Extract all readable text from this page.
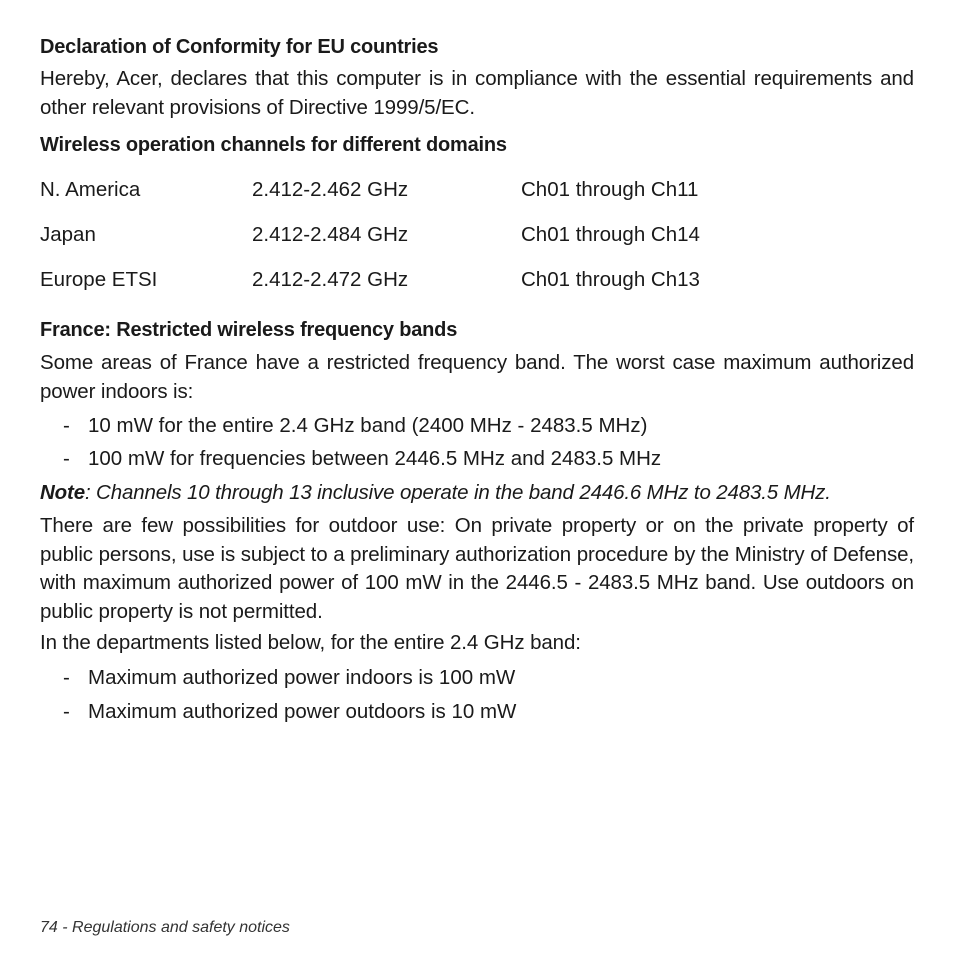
Declaration of Conformity for EU countries
Hereby, Acer, declares that this computer is in compliance with the essential requirements and other relevant provisions of Directive 1999/5/EC.
Wireless operation channels for different domains
N. America	2.412-2.462 GHz	Ch01 through Ch11
Japan	2.412-2.484 GHz	Ch01 through Ch14
Europe ETSI	2.412-2.472 GHz	Ch01 through Ch13
France: Restricted wireless frequency bands
Some areas of France have a restricted frequency band. The worst case maximum authorized power indoors is:
- 10 mW for the entire 2.4 GHz band (2400 MHz - 2483.5 MHz)
- 100 mW for frequencies between 2446.5 MHz and 2483.5 MHz
Note: Channels 10 through 13 inclusive operate in the band 2446.6 MHz to 2483.5 MHz.
There are few possibilities for outdoor use: On private property or on the private property of public persons, use is subject to a preliminary authorization procedure by the Ministry of Defense, with maximum authorized power of 100 mW in the 2446.5 - 2483.5 MHz band. Use outdoors on public property is not permitted.
In the departments listed below, for the entire 2.4 GHz band:
- Maximum authorized power indoors is 100 mW
- Maximum authorized power outdoors is 10 mW
74 - Regulations and safety notices
